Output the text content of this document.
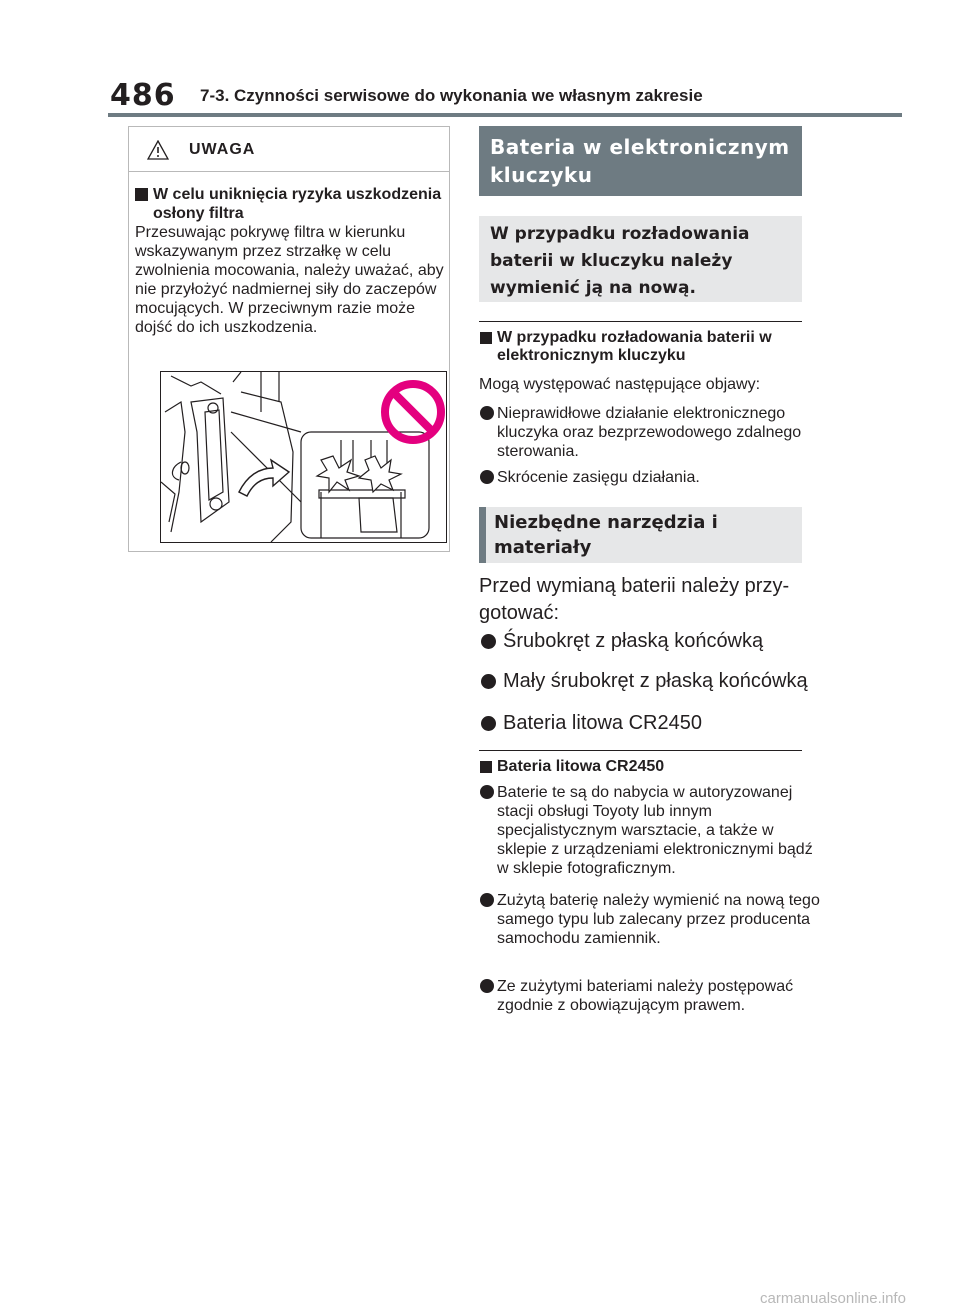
486 7-3. Czynności serwisowe do wykonania we własnym zakresie
UWAGA
W celu uniknięcia ryzyka uszkodzenia osłony filtra
Przesuwając pokrywę filtra w kierunku wskazywanym przez strzałkę w celu zwolnienia mocowania, należy uważać, aby nie przyłożyć nadmiernej siły do zaczepów mocujących. W przeciwnym razie może dojść do ich uszkodzenia.
Bateria w elektronicznym kluczyku
W przypadku rozładowania baterii w kluczyku należy wymienić ją na nową.
W przypadku rozładowania baterii w elektronicznym kluczyku
Mogą występować następujące objawy:
Nieprawidłowe działanie elektronicznego kluczyka oraz bezprzewodowego zdalnego sterowania.
Skrócenie zasięgu działania.
Niezbędne narzędzia i materiały
Przed wymianą baterii należy przygotować:
Śrubokręt z płaską końcówką
Mały śrubokręt z płaską końcówką
Bateria litowa CR2450
Bateria litowa CR2450
Baterie te są do nabycia w autoryzowanej stacji obsługi Toyoty lub innym specjalistycznym warsztacie, a także w sklepie z urządzeniami elektronicznymi bądź w sklepie fotograficznym.
Zużytą baterię należy wymienić na nową tego samego typu lub zalecany przez producenta samochodu zamiennik.
Ze zużytymi bateriami należy postępować zgodnie z obowiązującym prawem.
carmanualsonline.info
